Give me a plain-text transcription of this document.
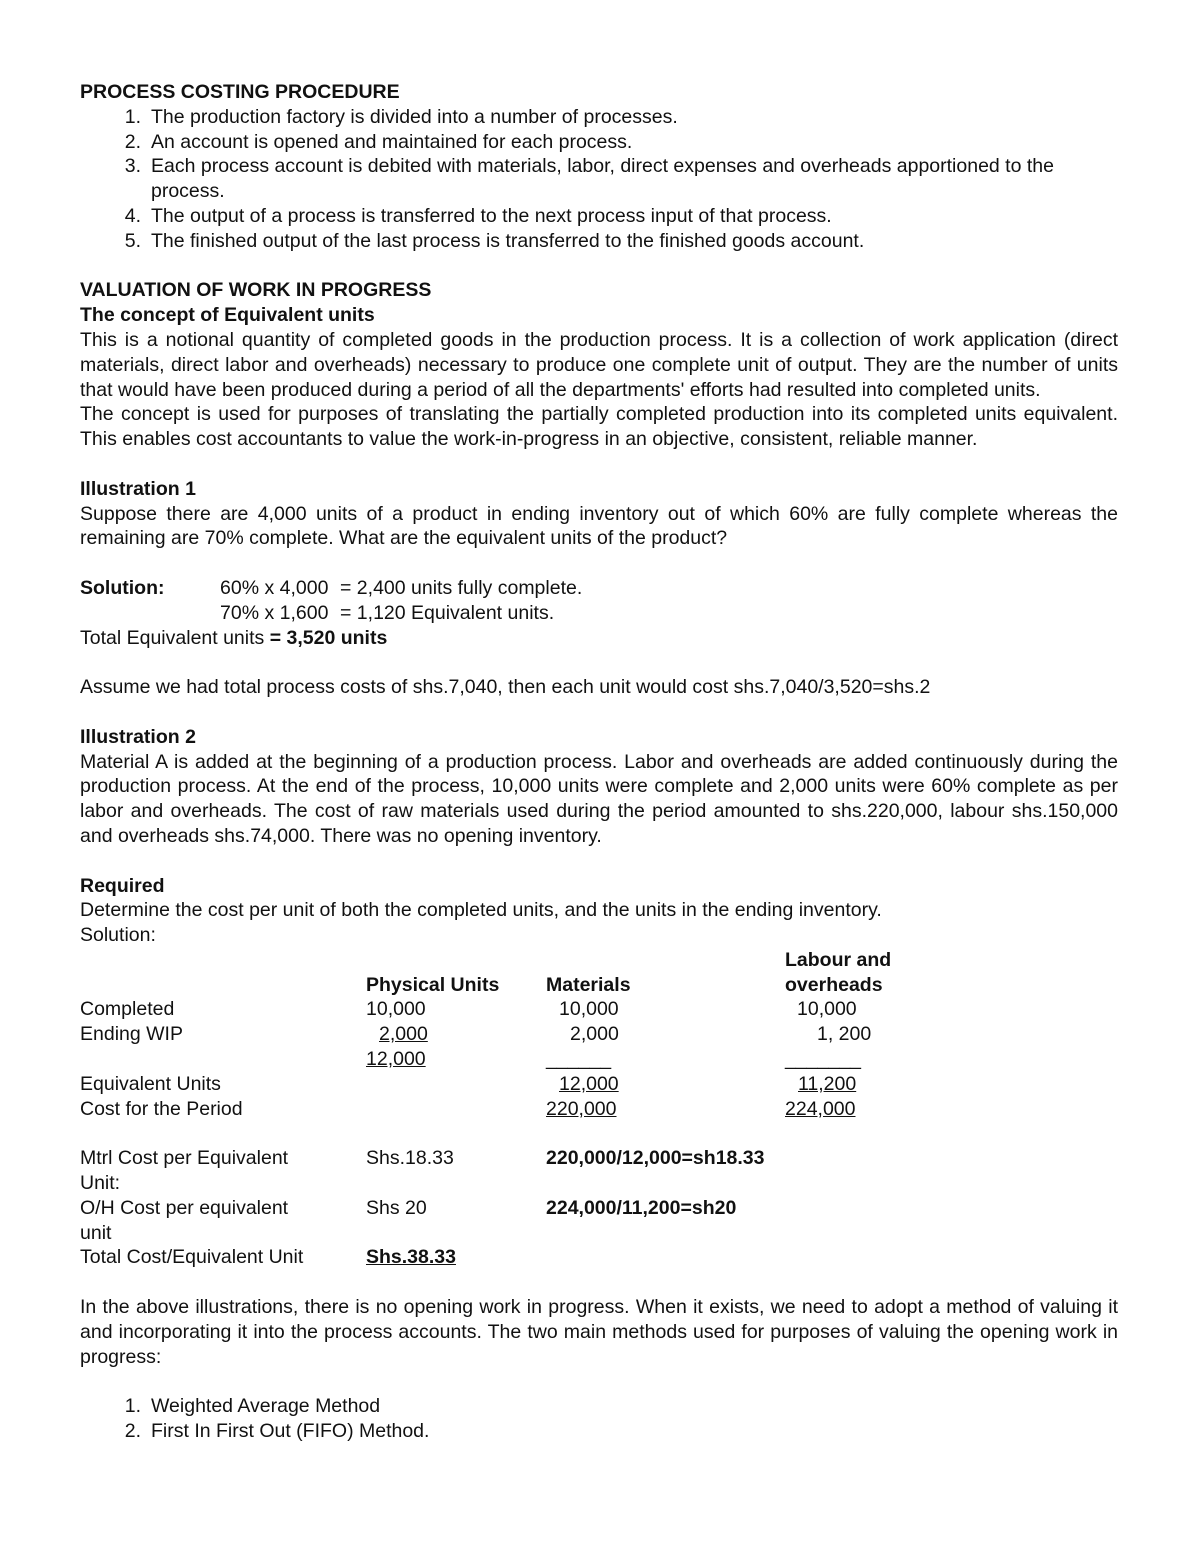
PROCESS COSTING PROCEDURE

1. The production factory is divided into a number of processes.
2. An account is opened and maintained for each process.
3. Each process account is debited with materials, labor, direct expenses and overheads apportioned to the process.
4. The output of a process is transferred to the next process input of that process.
5. The finished output of the last process is transferred to the finished goods account.

VALUATION OF WORK IN PROGRESS

The concept of Equivalent units

This is a notional quantity of completed goods in the production process. It is a collection of work application (direct materials, direct labor and overheads) necessary to produce one complete unit of output. They are the number of units that would have been produced during a period of all the departments' efforts had resulted into completed units.

The concept is used for purposes of translating the partially completed production into its completed units equivalent. This enables cost accountants to value the work-in-progress in an objective, consistent, reliable manner.

Illustration 1

Suppose there are 4,000 units of a product in ending inventory out of which 60% are fully complete whereas the remaining are 70% complete. What are the equivalent units of the product?

Solution:	60% x 4,000 = 2,400 units fully complete.
70% x 1,600 = 1,120 Equivalent units.

Total Equivalent units = 3,520 units

Assume we had total process costs of shs.7,040, then each unit would cost shs.7,040/3,520=shs.2

Illustration 2

Material A is added at the beginning of a production process. Labor and overheads are added continuously during the production process. At the end of the process, 10,000 units were complete and 2,000 units were 60% complete as per labor and overheads. The cost of raw materials used during the period amounted to shs.220,000, labour shs.150,000 and overheads shs.74,000. There was no opening inventory.

Required

Determine the cost per unit of both the completed units, and the units in the ending inventory.

Solution:

			Labour and
	Physical Units	Materials	overheads
Completed	10,000	10,000	10,000
Ending WIP	2,000	2,000	1, 200
	12,000	______	_______
Equivalent Units		12,000	11,200
Cost for the Period		220,000	224,000

Mtrl Cost per Equivalent	Shs.18.33	220,000/12,000=sh18.33	
Unit:			
O/H Cost per equivalent	Shs 20	224,000/11,200=sh20	
unit			
Total Cost/Equivalent Unit	Shs.38.33		

In the above illustrations, there is no opening work in progress. When it exists, we need to adopt a method of valuing it and incorporating it into the process accounts. The two main methods used for purposes of valuing the opening work in progress:

1. Weighted Average Method
2. First In First Out (FIFO) Method.
